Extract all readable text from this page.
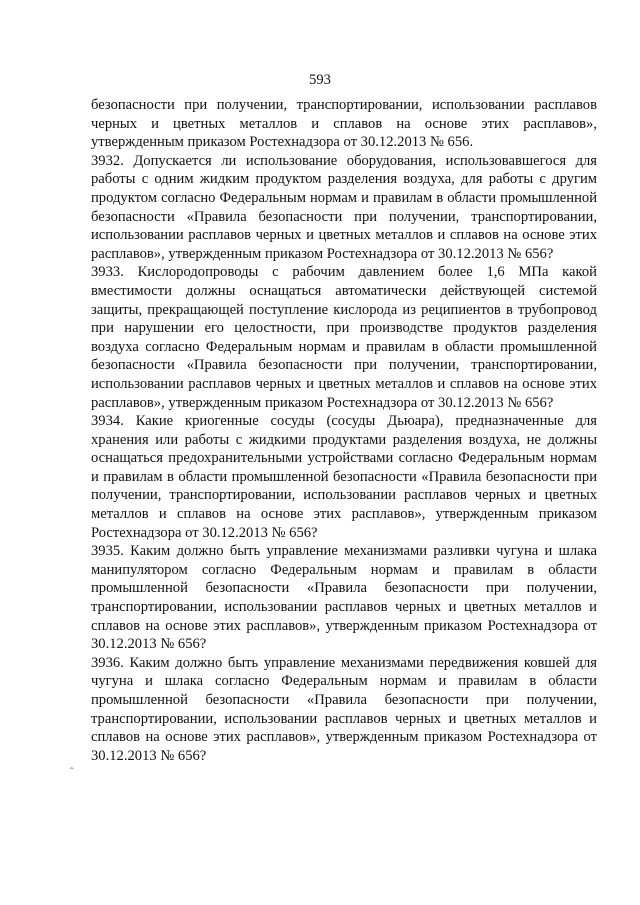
593

безопасности при получении, транспортировании, использовании расплавов черных и цветных металлов и сплавов на основе этих расплавов», утвержденным приказом Ростехнадзора от 30.12.2013 № 656.

3932. Допускается ли использование оборудования, использовавшегося для работы с одним жидким продуктом разделения воздуха, для работы с другим продуктом согласно Федеральным нормам и правилам в области промышленной безопасности «Правила безопасности при получении, транспортировании, использовании расплавов черных и цветных металлов и сплавов на основе этих расплавов», утвержденным приказом Ростехнадзора от 30.12.2013 № 656?

3933. Кислородопроводы с рабочим давлением более 1,6 МПа какой вместимости должны оснащаться автоматически действующей системой защиты, прекращающей поступление кислорода из реципиентов в трубопровод при нарушении его целостности, при производстве продуктов разделения воздуха согласно Федеральным нормам и правилам в области промышленной безопасности «Правила безопасности при получении, транспортировании, использовании расплавов черных и цветных металлов и сплавов на основе этих расплавов», утвержденным приказом Ростехнадзора от 30.12.2013 № 656?

3934. Какие криогенные сосуды (сосуды Дьюара), предназначенные для хранения или работы с жидкими продуктами разделения воздуха, не должны оснащаться предохранительными устройствами согласно Федеральным нормам и правилам в области промышленной безопасности «Правила безопасности при получении, транспортировании, использовании расплавов черных и цветных металлов и сплавов на основе этих расплавов», утвержденным приказом Ростехнадзора от 30.12.2013 № 656?

3935. Каким должно быть управление механизмами разливки чугуна и шлака манипулятором согласно Федеральным нормам и правилам в области промышленной безопасности «Правила безопасности при получении, транспортировании, использовании расплавов черных и цветных металлов и сплавов на основе этих расплавов», утвержденным приказом Ростехнадзора от 30.12.2013 № 656?

3936. Каким должно быть управление механизмами передвижения ковшей для чугуна и шлака согласно Федеральным нормам и правилам в области промышленной безопасности «Правила безопасности при получении, транспортировании, использовании расплавов черных и цветных металлов и сплавов на основе этих расплавов», утвержденным приказом Ростехнадзора от 30.12.2013 № 656?

ˆ
